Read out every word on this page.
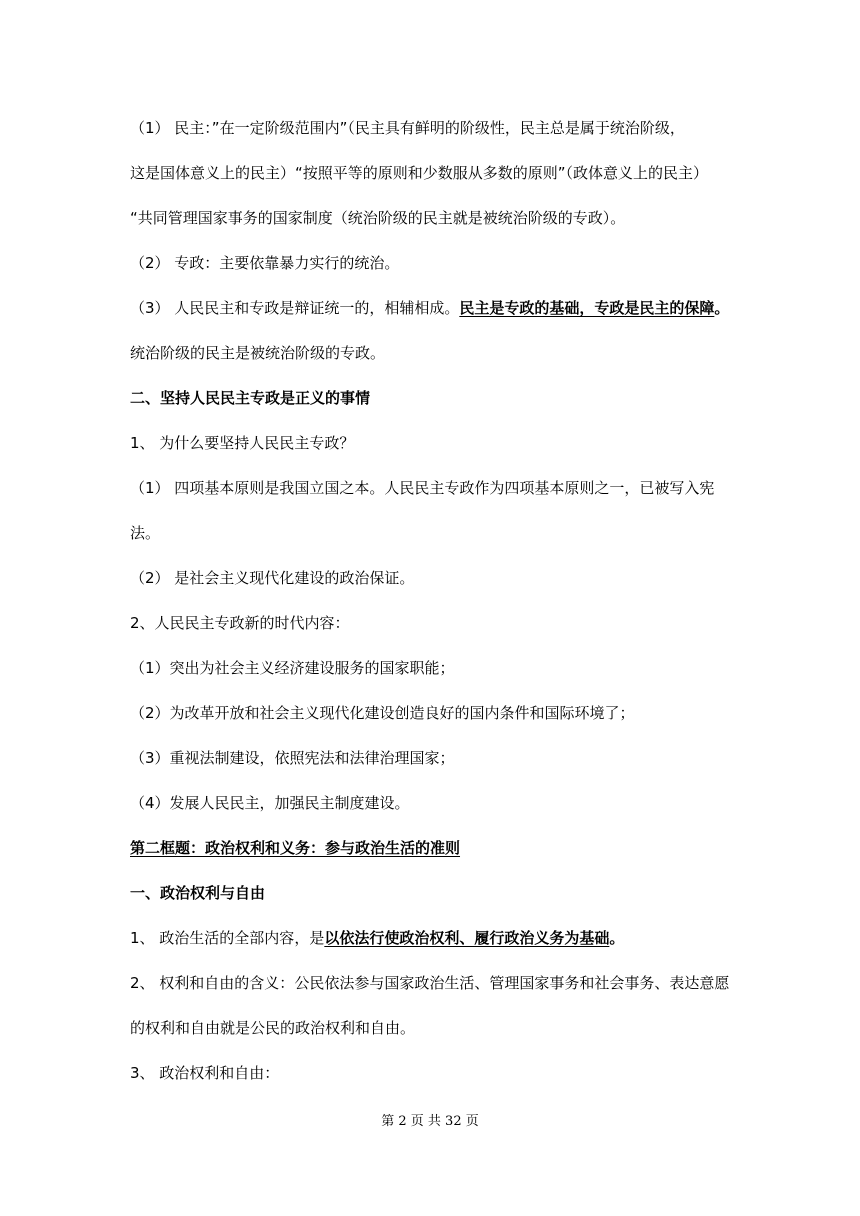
（1） 民主：”在一定阶级范围内”（民主具有鲜明的阶级性，民主总是属于统治阶级，
这是国体意义上的民主）“按照平等的原则和少数服从多数的原则”（政体意义上的民主）
“共同管理国家事务的国家制度（统治阶级的民主就是被统治阶级的专政）。
（2） 专政：主要依靠暴力实行的统治。
（3） 人民民主和专政是辩证统一的，相辅相成。民主是专政的基础，专政是民主的保障。
统治阶级的民主是被统治阶级的专政。
二、坚持人民民主专政是正义的事情
1、 为什么要坚持人民民主专政？
（1） 四项基本原则是我国立国之本。人民民主专政作为四项基本原则之一，已被写入宪
法。
（2） 是社会主义现代化建设的政治保证。
2、人民民主专政新的时代内容：
（1）突出为社会主义经济建设服务的国家职能；
（2）为改革开放和社会主义现代化建设创造良好的国内条件和国际环境了；
（3）重视法制建设，依照宪法和法律治理国家；
（4）发展人民民主，加强民主制度建设。
第二框题：政治权利和义务：参与政治生活的准则
一、政治权利与自由
1、 政治生活的全部内容，是以依法行使政治权利、履行政治义务为基础。
2、 权利和自由的含义：公民依法参与国家政治生活、管理国家事务和社会事务、表达意愿
的权利和自由就是公民的政治权利和自由。
3、 政治权利和自由：
第 2 页 共 32 页
